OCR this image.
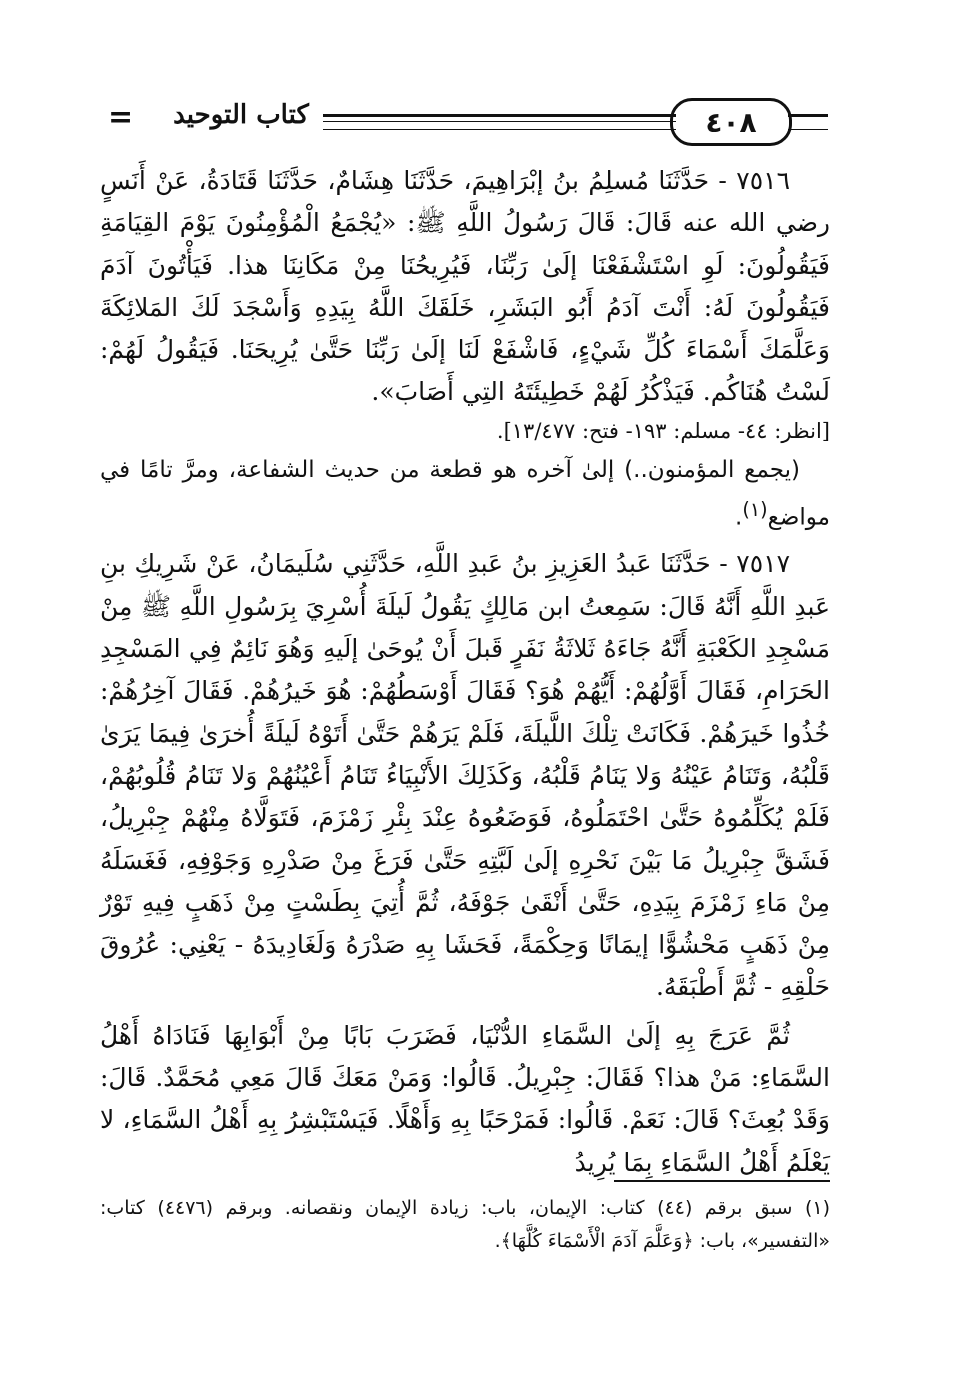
=	كتاب التوحيد	٤٠٨

٧٥١٦ - حَدَّثَنَا مُسلِمُ بنُ إبْرَاهِيمَ، حَدَّثَنَا هِشَامٌ، حَدَّثَنَا قَتَادَةُ، عَنْ أَنَسٍ رضي الله عنه قَالَ: قَالَ رَسُولُ اللَّهِ ﷺ: «يُجْمَعُ الْمُؤْمِنُونَ يَوْمَ القِيَامَةِ فَيَقُولُونَ: لَوِ اسْتَشْفَعْنَا إلَىٰ رَبِّنَا، فَيُرِيحُنَا مِنْ مَكَانِنَا هذا. فَيَأْتُونَ آدَمَ فَيَقُولُونَ لَهُ: أَنْتَ آدَمُ أَبُو البَشَرِ، خَلَقَكَ اللَّهُ بِيَدِهِ وَأَسْجَدَ لَكَ المَلائِكَةَ وَعَلَّمَكَ أَسْمَاءَ كُلِّ شَيْءٍ، فَاشْفَعْ لَنَا إلَىٰ رَبِّنَا حَتَّىٰ يُرِيحَنَا. فَيَقُولُ لَهُمْ: لَسْتُ هُنَاكُم. فَيَذْكُرُ لَهُمْ خَطِيئَتَهُ التِي أَصَابَ».

[انظر: ٤٤- مسلم: ١٩٣- فتح: ١٣/٤٧٧].

(يجمع المؤمنون..) إلىٰ آخره هو قطعة من حديث الشفاعة، ومرَّ تامًا في مواضع$^{(١)}$.

٧٥١٧ - حَدَّثَنَا عَبدُ العَزِيزِ بنُ عَبدِ اللَّهِ، حَدَّثَنِي سُلَيمَانُ، عَنْ شَرِيكِ بنِ عَبدِ اللَّهِ أَنَّهُ قَالَ: سَمِعتُ ابن مَالِكٍ يَقُولُ لَيلَةَ أُسْرِيَ بِرَسُولِ اللَّهِ ﷺ مِنْ مَسْجِدِ الكَعْبَةِ أَنَّهُ جَاءَهُ ثَلاثَةُ نَفَرٍ قَبلَ أَنْ يُوحَىٰ إلَيهِ وَهُوَ نَائِمٌ فِي المَسْجِدِ الحَرَامِ، فَقَالَ أَوَّلُهُمْ: أَيُّهُمْ هُوَ؟ فَقَالَ أَوْسَطُهُمْ: هُوَ خَيرُهُمْ. فَقَالَ آخِرُهُمْ: خُذُوا خَيرَهُمْ. فَكَانَتْ تِلْكَ اللَّيلَةَ، فَلَمْ يَرَهُمْ حَتَّىٰ أَتَوْهُ لَيلَةً أُخرَىٰ فِيمَا يَرَىٰ قَلْبُهُ، وَتَنَامُ عَيْنُهُ وَلا يَنَامُ قَلْبُهُ، وَكَذَلِكَ الأَنْبِيَاءُ تَنَامُ أَعْيُنُهُمْ وَلا تَنَامُ قُلُوبُهُمْ، فَلَمْ يُكَلِّمُوهُ حَتَّىٰ احْتَمَلُوهُ، فَوَضَعُوهُ عِنْدَ بِئْرِ زَمْزَمَ، فَتَوَلَّاهُ مِنْهُمْ جِبْرِيلُ، فَشَقَّ جِبْرِيلُ مَا بَيْنَ نَحْرِهِ إلَىٰ لَبَّتِهِ حَتَّىٰ فَرَغَ مِنْ صَدْرِهِ وَجَوْفِهِ، فَغَسَلَهُ مِنْ مَاءِ زَمْزَمَ بِيَدِهِ، حَتَّىٰ أَنْقَىٰ جَوْفَهُ، ثُمَّ أُتِيَ بِطَسْتٍ مِنْ ذَهَبٍ فِيهِ تَوْرٌ مِنْ ذَهَبٍ مَحْشُوًّا إيمَانًا وَحِكْمَةً، فَحَشَا بِهِ صَدْرَهُ وَلَغَادِيدَهُ - يَعْنِي: عُرُوقَ حَلْقِهِ - ثُمَّ أَطْبَقَهُ.

ثُمَّ عَرَجَ بِهِ إلَىٰ السَّمَاءِ الدُّنْيَا، فَضَرَبَ بَابًا مِنْ أَبْوَابِهَا فَنَادَاهُ أَهْلُ السَّمَاءِ: مَنْ هذا؟ فَقَالَ: جِبْرِيلُ. قَالُوا: وَمَنْ مَعَكَ قَالَ مَعِي مُحَمَّدٌ. قَالَ: وَقَدْ بُعِثَ؟ قَالَ: نَعَمْ. قَالُوا: فَمَرْحَبًا بِهِ وَأَهْلًا. فَيَسْتَبْشِرُ بِهِ أَهْلُ السَّمَاءِ، لا يَعْلَمُ أَهْلُ السَّمَاءِ بِمَا يُرِيدُ

(١) سبق برقم (٤٤) كتاب: الإيمان، باب: زيادة الإيمان ونقصانه. وبرقم (٤٤٧٦) كتاب: «التفسير»، باب: ﴿وَعَلَّمَ آدَمَ الْأَسْمَاءَ كُلَّهَا﴾.
